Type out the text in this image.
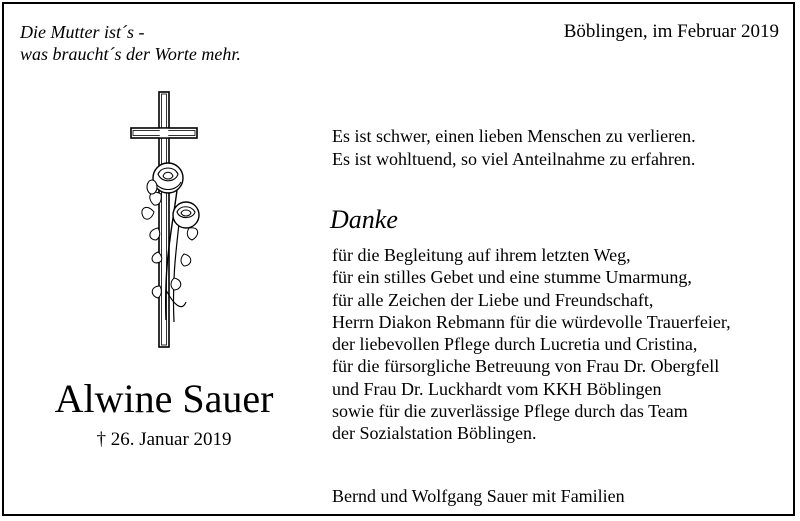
Die Mutter ist´s -
was braucht´s der Worte mehr.
Böblingen, im Februar 2019
Alwine Sauer
† 26. Januar 2019
Es ist schwer, einen lieben Menschen zu verlieren.
Es ist wohltuend, so viel Anteilnahme zu erfahren.
Danke
für die Begleitung auf ihrem letzten Weg,
für ein stilles Gebet und eine stumme Umarmung,
für alle Zeichen der Liebe und Freundschaft,
Herrn Diakon Rebmann für die würdevolle Trauerfeier,
der liebevollen Pflege durch Lucretia und Cristina,
für die fürsorgliche Betreuung von Frau Dr. Obergfell
und Frau Dr. Luckhardt vom KKH Böblingen
sowie für die zuverlässige Pflege durch das Team
der Sozialstation Böblingen.
Bernd und Wolfgang Sauer mit Familien
